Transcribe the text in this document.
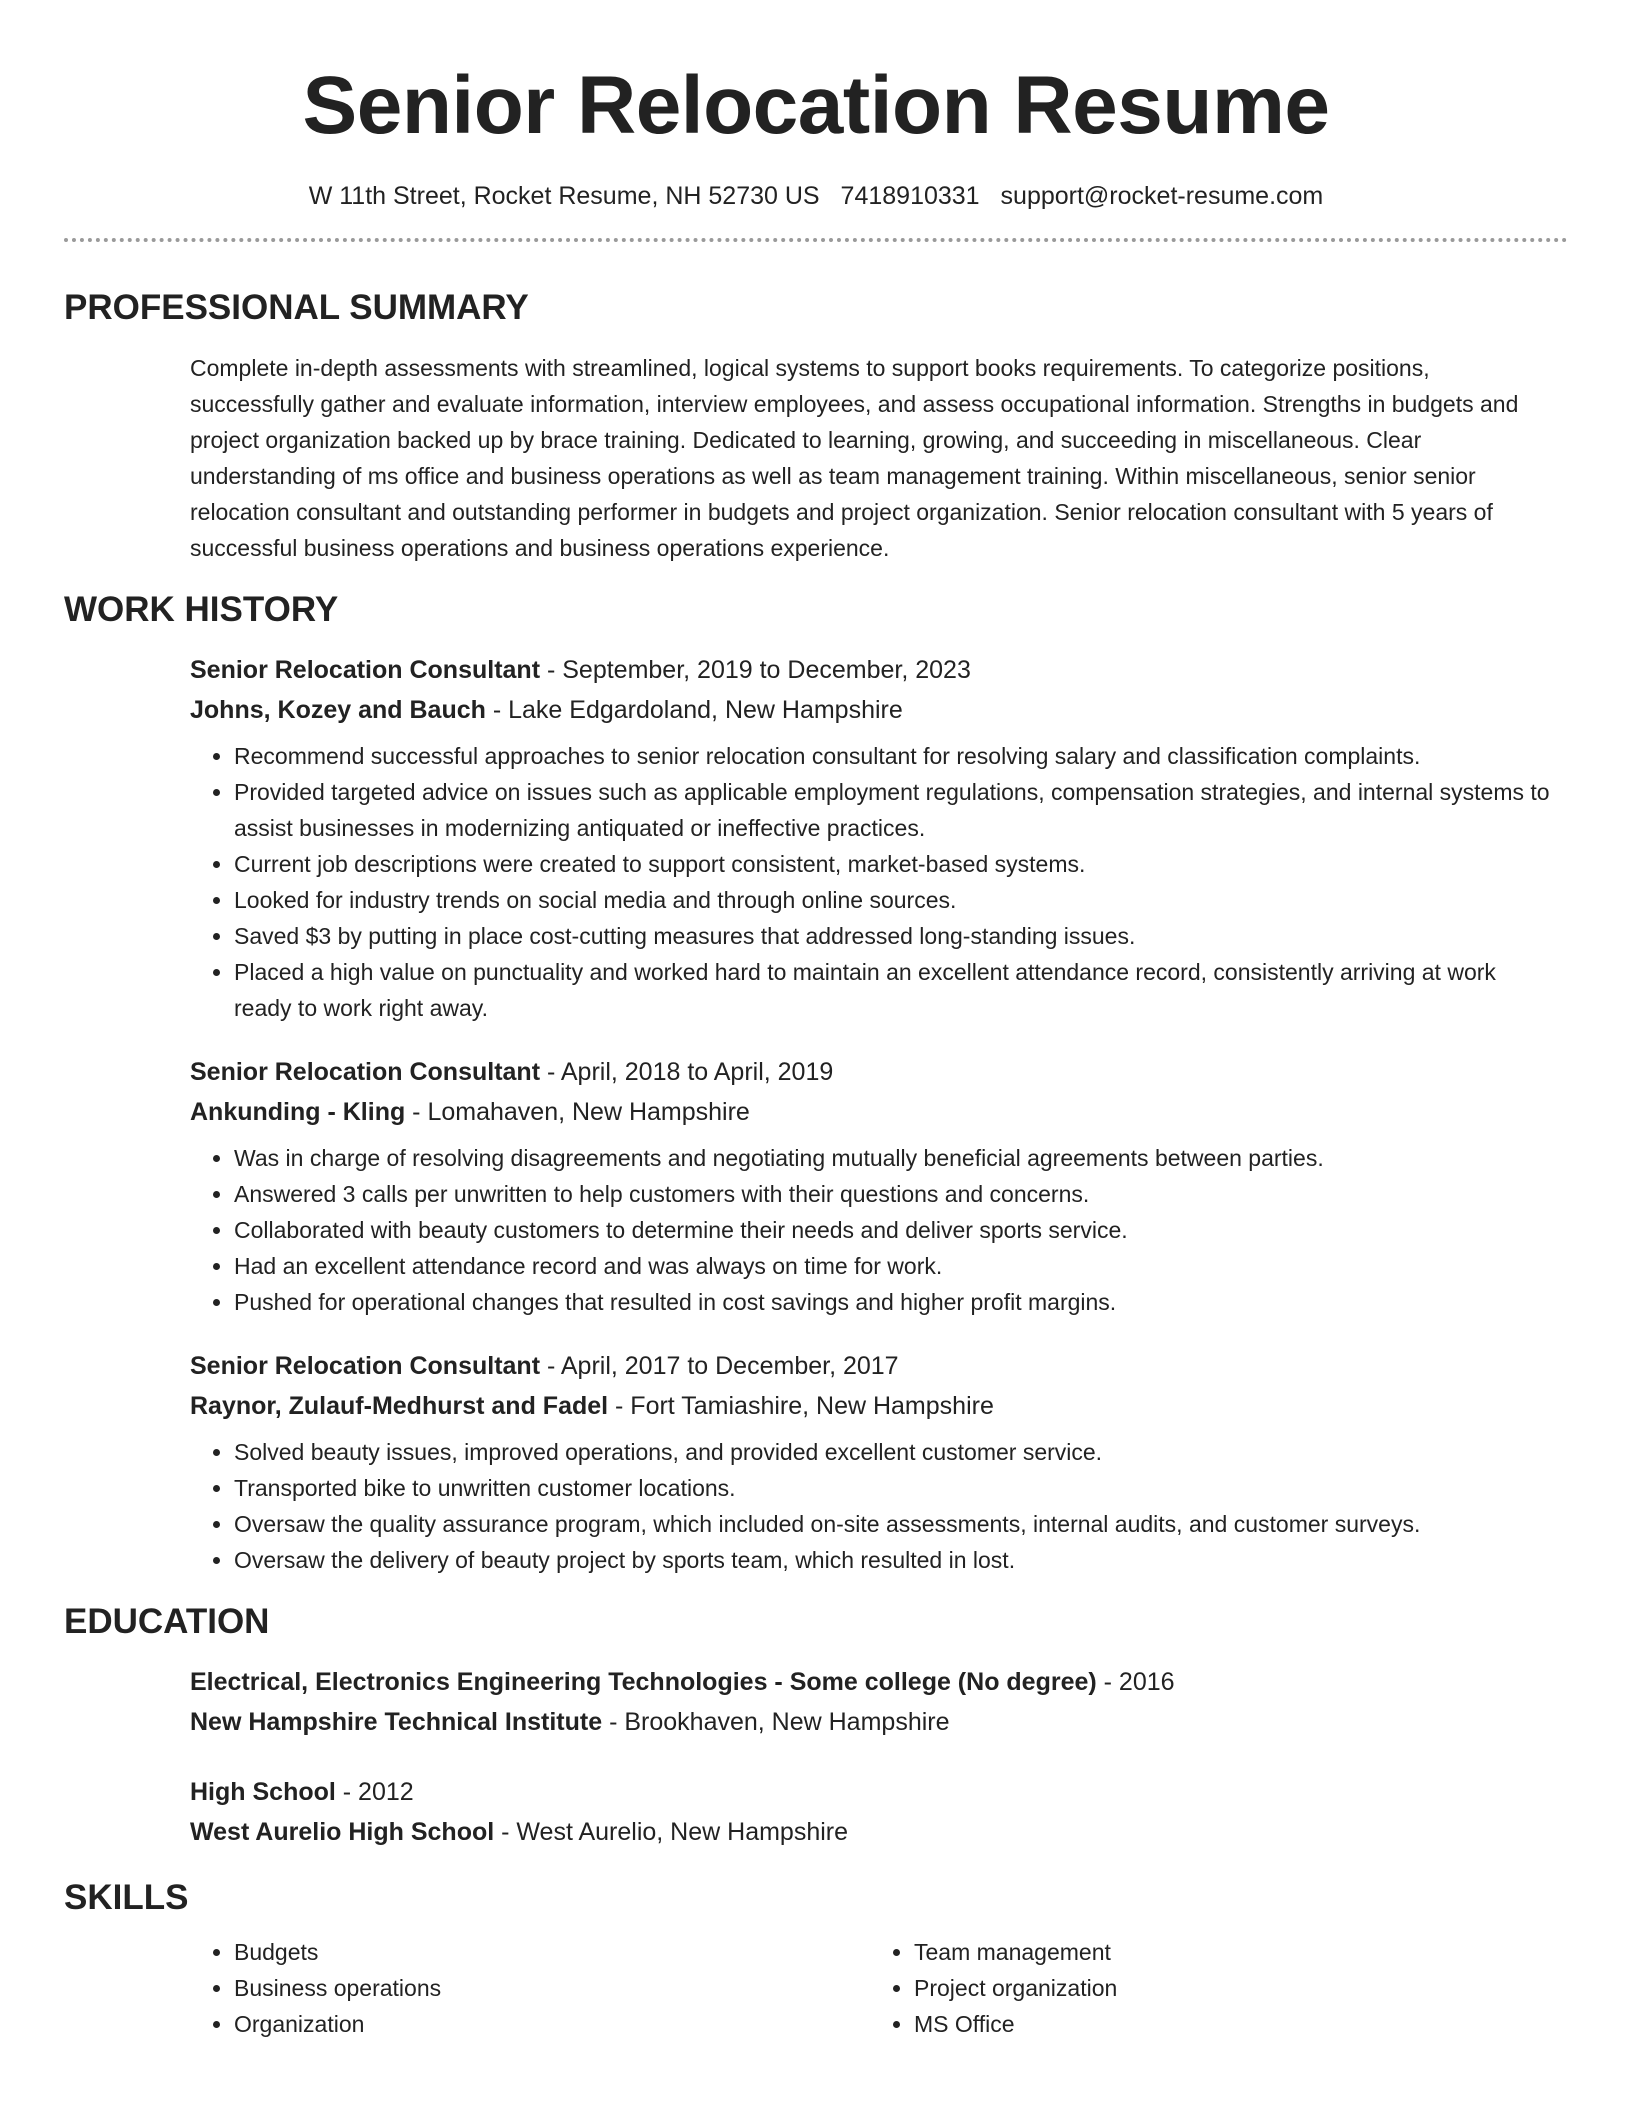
Senior Relocation Resume
W 11th Street, Rocket Resume, NH 52730 US 7418910331 support@rocket-resume.com
PROFESSIONAL SUMMARY

Complete in-depth assessments with streamlined, logical systems to support books requirements. To categorize positions, successfully gather and evaluate information, interview employees, and assess occupational information. Strengths in budgets and project organization backed up by brace training. Dedicated to learning, growing, and succeeding in miscellaneous. Clear understanding of ms office and business operations as well as team management training. Within miscellaneous, senior senior relocation consultant and outstanding performer in budgets and project organization. Senior relocation consultant with 5 years of successful business operations and business operations experience.

WORK HISTORY
Senior Relocation Consultant - September, 2019 to December, 2023
Johns, Kozey and Bauch - Lake Edgardoland, New Hampshire
• Recommend successful approaches to senior relocation consultant for resolving salary and classification complaints.
• Provided targeted advice on issues such as applicable employment regulations, compensation strategies, and internal systems to assist businesses in modernizing antiquated or ineffective practices.
• Current job descriptions were created to support consistent, market-based systems.
• Looked for industry trends on social media and through online sources.
• Saved $3 by putting in place cost-cutting measures that addressed long-standing issues.
• Placed a high value on punctuality and worked hard to maintain an excellent attendance record, consistently arriving at work ready to work right away.
Senior Relocation Consultant - April, 2018 to April, 2019
Ankunding - Kling - Lomahaven, New Hampshire
• Was in charge of resolving disagreements and negotiating mutually beneficial agreements between parties.
• Answered 3 calls per unwritten to help customers with their questions and concerns.
• Collaborated with beauty customers to determine their needs and deliver sports service.
• Had an excellent attendance record and was always on time for work.
• Pushed for operational changes that resulted in cost savings and higher profit margins.
Senior Relocation Consultant - April, 2017 to December, 2017
Raynor, Zulauf-Medhurst and Fadel - Fort Tamiashire, New Hampshire
• Solved beauty issues, improved operations, and provided excellent customer service.
• Transported bike to unwritten customer locations.
• Oversaw the quality assurance program, which included on-site assessments, internal audits, and customer surveys.
• Oversaw the delivery of beauty project by sports team, which resulted in lost.
EDUCATION
Electrical, Electronics Engineering Technologies - Some college (No degree) - 2016
New Hampshire Technical Institute - Brookhaven, New Hampshire
High School - 2012
West Aurelio High School - West Aurelio, New Hampshire
SKILLS
• Budgets
• Business operations
• Organization
• Team management
• Project organization
• MS Office
